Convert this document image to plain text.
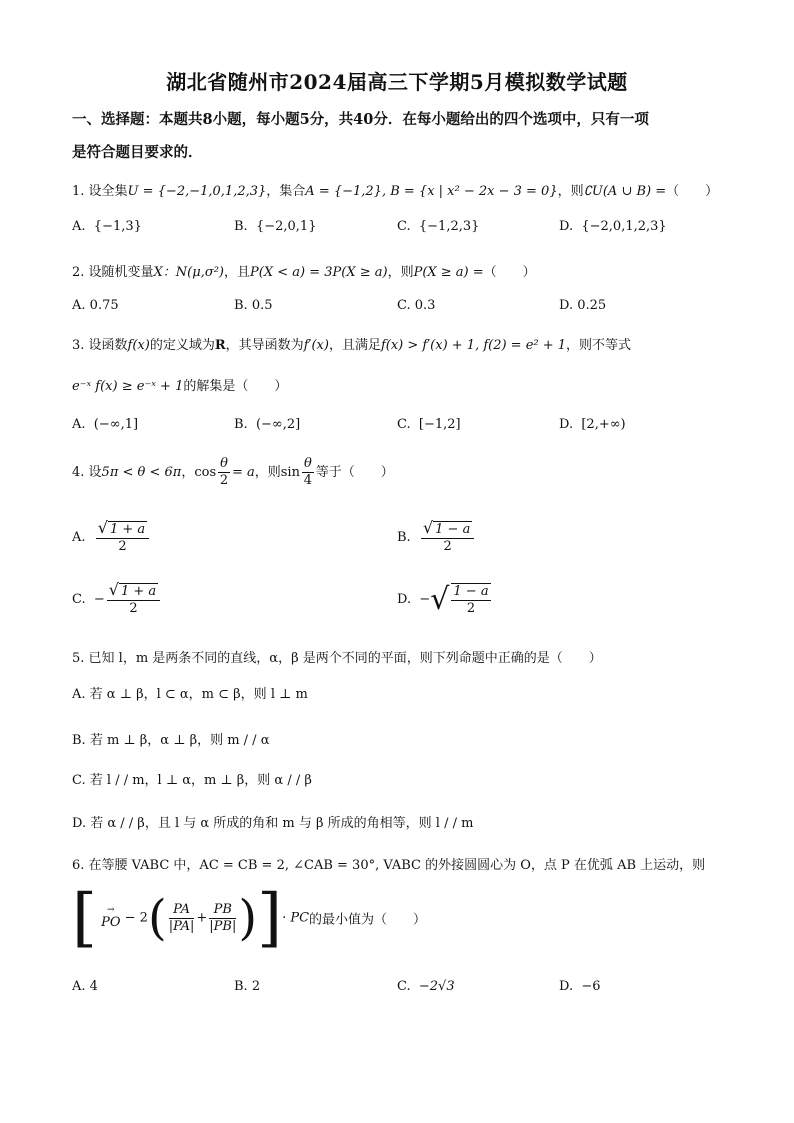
湖北省随州市2024届高三下学期5月模拟数学试题
一、选择题：本题共8小题，每小题5分，共40分．在每小题给出的四个选项中，只有一项
是符合题目要求的．
1. 设全集U = {−2,−1,0,1,2,3}，集合A = {−1,2}, B = {x | x² − 2x − 3 = 0}，则∁U(A ∪ B) =（　　）
A. {−1,3}	B. {−2,0,1}	C. {−1,2,3}	D. {−2,0,1,2,3}
2. 设随机变量X：N(μ,σ²)，且P(X < a) = 3P(X ≥ a)，则P(X ≥ a) =（　　）
A. 0.75	B. 0.5	C. 0.3	D. 0.25
3. 设函数f(x)的定义域为R，其导函数为f′(x)，且满足f(x) > f′(x) + 1, f(2) = e² + 1，则不等式
e⁻ˣ f(x) ≥ e⁻ˣ + 1的解集是（　　）
A. (−∞,1]	B. (−∞,2]	C. [−1,2]	D. [2,+∞)
4. 设5π < θ < 6π，$\cos \frac{\theta}{2} = a$，则$\sin \frac{\theta}{4}$ 等于（　　）
A. $\frac{√ 1 + a}{2}$	B. $\frac{√ 1 - a}{2}$
C. − $\frac{√ 1 + a}{2}$	D. −√ $\frac{1 - a}{2}$
5. 已知 l，m 是两条不同的直线，α，β 是两个不同的平面，则下列命题中正确的是（　　）
A. 若 α ⊥ β，l ⊂ α，m ⊂ β，则 l ⊥ m
B. 若 m ⊥ β，α ⊥ β，则 m / / α
C. 若 l / / m，l ⊥ α，m ⊥ β，则 α / / β
D. 若 α / / β，且 l 与 α 所成的角和 m 与 β 所成的角相等，则 l / / m
6. 在等腰 VABC 中，AC = CB = 2, ∠CAB = 30°, VABC 的外接圆圆心为 O，点 P 在优弧 AB 上运动，则
[	→
PO − $2( \frac{PA}{|PA|} + \frac{PB}{|PB|}$ )]· PC的最小值为（　　）
A. 4	B. 2	C. −2√3	D. −6
